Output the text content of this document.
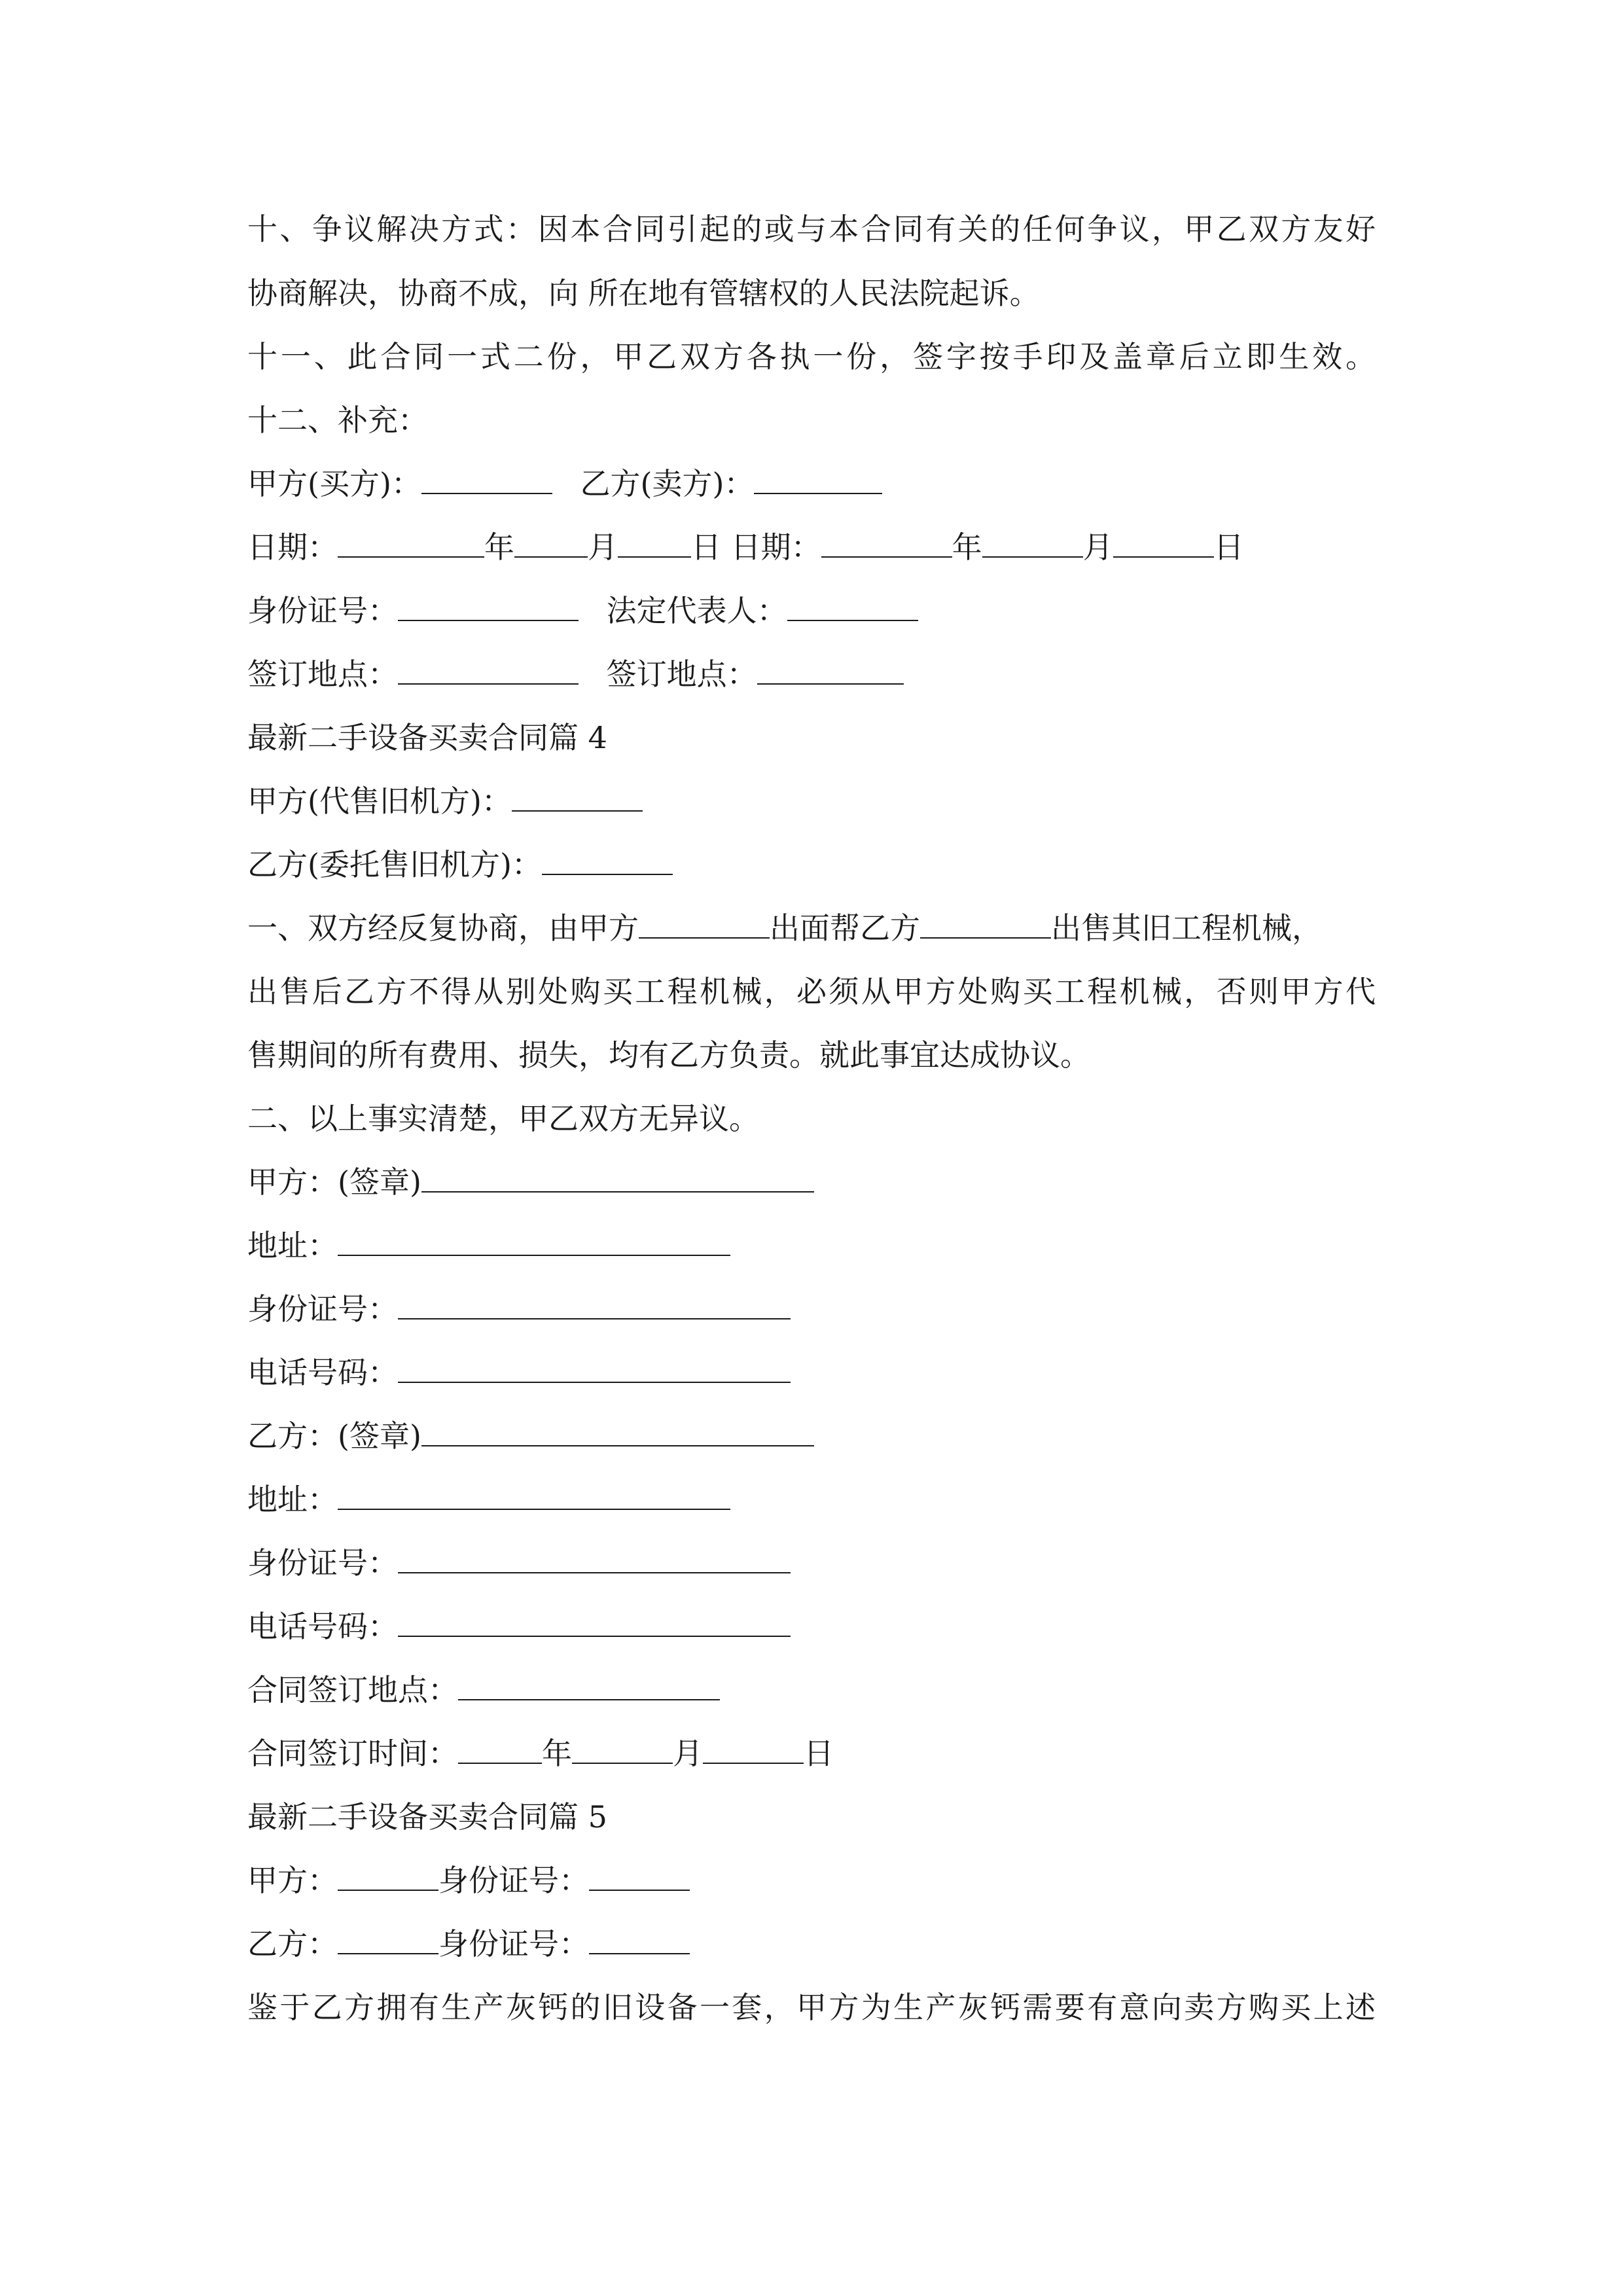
十、争议解决方式：因本合同引起的或与本合同有关的任何争议，甲乙双方友好
协商解决，协商不成，向 所在地有管辖权的人民法院起诉。
十一、此合同一式二份，甲乙双方各执一份，签字按手印及盖章后立即生效。
十二、补充：
甲方(买方)：	乙方(卖方)：
日期：	年 月 日 日期：	年	月	日
身份证号：	法定代表人：
签订地点：	签订地点：
最新二手设备买卖合同篇 4
甲方(代售旧机方)：
乙方(委托售旧机方)：
一、双方经反复协商，由甲方	出面帮乙方	出售其旧工程机械，
出售后乙方不得从别处购买工程机械，必须从甲方处购买工程机械，否则甲方代
售期间的所有费用、损失，均有乙方负责。就此事宜达成协议。
二、以上事实清楚，甲乙双方无异议。
甲方：(签章)
地址：
身份证号：
电话号码：
乙方：(签章)
地址：
身份证号：
电话号码：
合同签订地点：
合同签订时间：	年	月	日
最新二手设备买卖合同篇 5
甲方：	身份证号：
乙方：	身份证号：
鉴于乙方拥有生产灰钙的旧设备一套，甲方为生产灰钙需要有意向卖方购买上述
